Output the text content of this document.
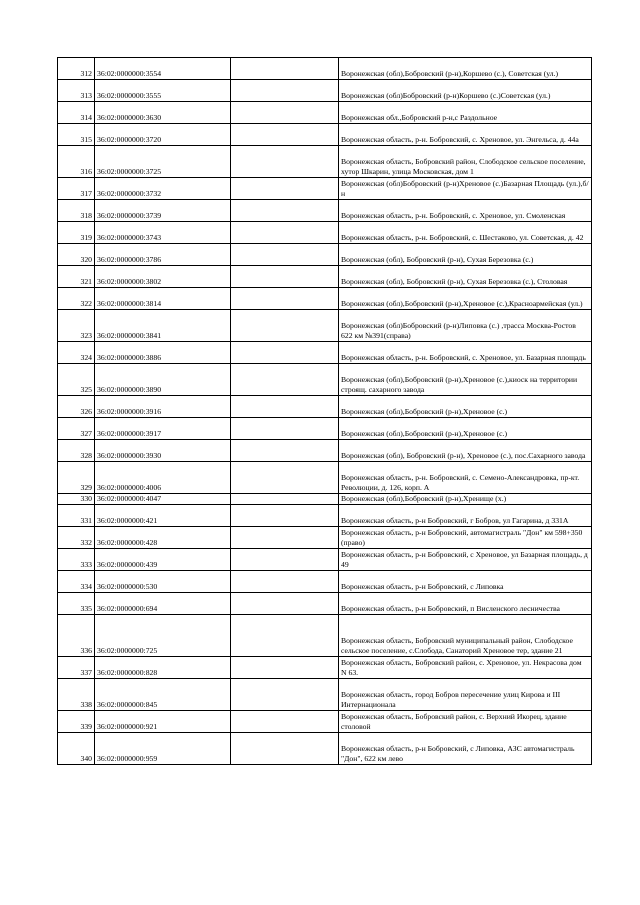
312	36:02:0000000:3554		Воронежская (обл),Бобровский (р-н),Коршево (с.), Советская (ул.)
313	36:02:0000000:3555		Воронежская (обл)Бобровский (р-н)Коршево (с.)Советская (ул.)
314	36:02:0000000:3630		Воронежская обл.,Бобровский р-н,с Раздольное
315	36:02:0000000:3720		Воронежская область, р-н. Бобровский, с. Хреновое, ул. Энгельса, д. 44а
316	36:02:0000000:3725		Воронежская область, Бобровский район, Слободское сельское поселение, хутор Шкарин, улица Московская, дом 1
317	36:02:0000000:3732		Воронежская (обл)Бобровский (р-н)Хреновое (с.)Базарная Площадь (ул.),б/н
318	36:02:0000000:3739		Воронежская область, р-н. Бобровский, с. Хреновое, ул. Смоленская
319	36:02:0000000:3743		Воронежская область, р-н. Бобровский, с. Шестаково, ул. Советская, д. 42
320	36:02:0000000:3786		Воронежская (обл), Бобровский (р-н), Сухая Березовка (с.)
321	36:02:0000000:3802		Воронежская (обл), Бобровский (р-н), Сухая Березовка (с.), Столовая
322	36:02:0000000:3814		Воронежская (обл),Бобровский (р-н),Хреновое (с.),Красноармейская (ул.)
323	36:02:0000000:3841		Воронежская (обл)Бобровский (р-н)Липовка (с.) ,трасса Москва-Ростов 622 км №391(справа)
324	36:02:0000000:3886		Воронежская область, р-н. Бобровский, с. Хреновое, ул. Базарная площадь
325	36:02:0000000:3890		Воронежская (обл),Бобровский (р-н),Хреновое (с.),киоск на территории строящ. сахарного завода
326	36:02:0000000:3916		Воронежская (обл),Бобровский (р-н),Хреновое (с.)
327	36:02:0000000:3917		Воронежская (обл),Бобровский (р-н),Хреновое (с.)
328	36:02:0000000:3930		Воронежская (обл), Бобровский (р-н), Хреновое (с.), пос.Сахарного завода
329	36:02:0000000:4006		Воронежская область, р-н. Бобровский, с. Семено-Александровка, пр-кт. Революции, д. 126, корп. А
330	36:02:0000000:4047		Воронежская (обл),Бобровский (р-н),Хренище (х.)
331	36:02:0000000:421		Воронежская область, р-н Бобровский, г Бобров, ул Гагарина, д 331А
332	36:02:0000000:428		Воронежская область, р-н Бобровский, автомагистраль "Дон" км 598+350 (право)
333	36:02:0000000:439		Воронежская область, р-н Бобровский, с Хреновое, ул Базарная площадь, д 49
334	36:02:0000000:530		Воронежская область, р-н Бобровский, с Липовка
335	36:02:0000000:694		Воронежская область, р-н Бобровский, п Висленского лесничества
336	36:02:0000000:725		Воронежская область, Бобровский муниципальный район, Слободское сельское поселение, с.Слобода, Санаторий Хреновое тер, здание 21
337	36:02:0000000:828		Воронежская область, Бобровский район, с. Хреновое, ул. Некрасова дом N 63.
338	36:02:0000000:845		Воронежская область, город Бобров пересечение улиц Кирова и III Интернационала
339	36:02:0000000:921		Воронежская область, Бобровский район, с. Верхний Икорец, здание столовой
340	36:02:0000000:959		Воронежская область, р-н Бобровский, с Липовка, АЗС автомагистраль "Дон", 622 км лево
